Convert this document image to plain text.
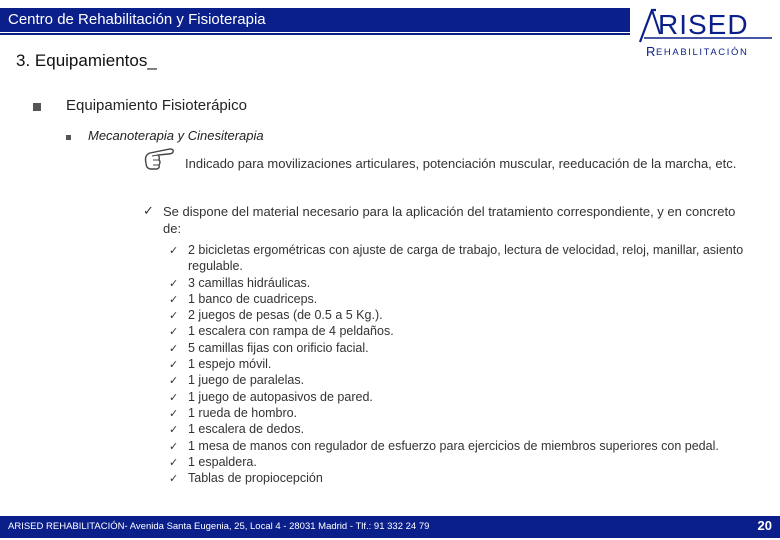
Centro de Rehabilitación y Fisioterapia	RISED
R EHABILITACIÓN
3. Equipamientos_
Equipamiento Fisioterápico
Mecanoterapia y Cinesiterapia
Indicado para movilizaciones articulares, potenciación muscular, reeducación de la marcha, etc.
✓ Se dispone del material necesario para la aplicación del tratamiento correspondiente, y en concreto de:
✓ 2 bicicletas ergométricas con ajuste de carga de trabajo, lectura de velocidad, reloj, manillar, asiento regulable.
✓ 3 camillas hidráulicas.
✓ 1 banco de cuadriceps.
✓ 2 juegos de pesas (de 0.5 a 5 Kg.).
✓ 1 escalera con rampa de 4 peldaños.
✓ 5 camillas fijas con orificio facial.
✓ 1 espejo móvil.
✓ 1 juego de paralelas.
✓ 1 juego de autopasivos de pared.
✓ 1 rueda de hombro.
✓ 1 escalera de dedos.
✓ 1 mesa de manos con regulador de esfuerzo para ejercicios de miembros superiores con pedal.
✓ 1 espaldera.
✓ Tablas de propiocepción
ARISED REHABILITACIÓN- Avenida Santa Eugenia, 25, Local 4 - 28031 Madrid - Tlf.: 91 332 24 79	20
